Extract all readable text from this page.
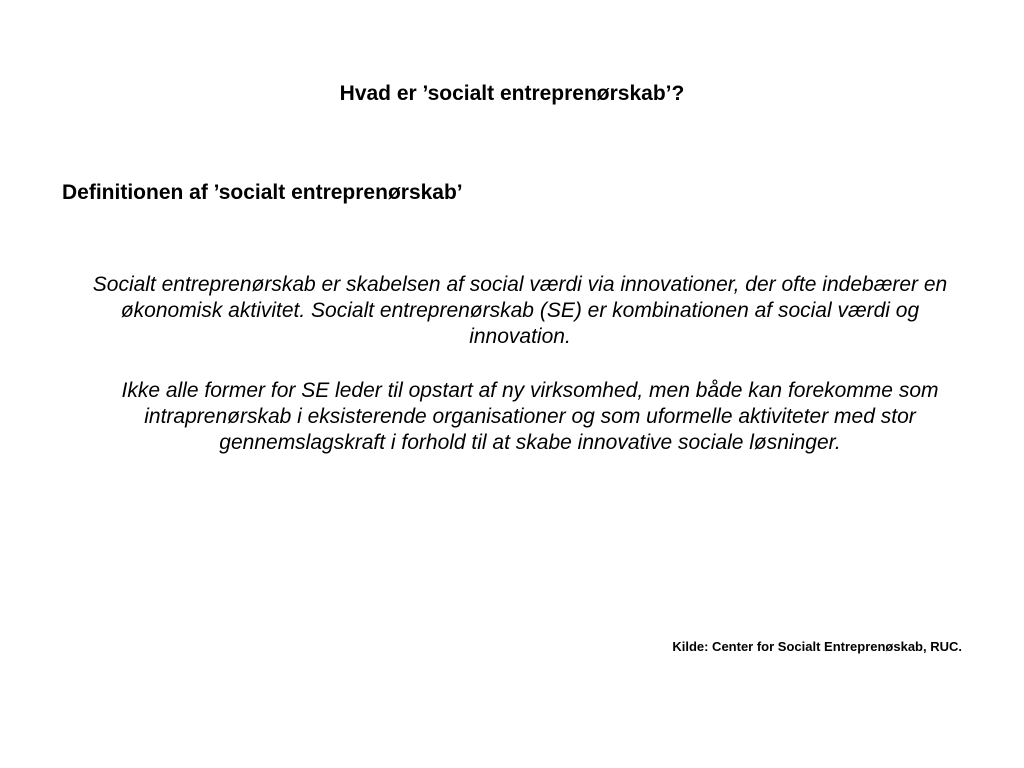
Hvad er ’socialt entreprenørskab’?
Definitionen af ’socialt entreprenørskab’

Socialt entreprenørskab er skabelsen af social værdi via innovationer, der ofte indebærer en økonomisk aktivitet. Socialt entreprenørskab (SE) er kombinationen af social værdi og innovation.

Ikke alle former for SE leder til opstart af ny virksomhed, men både kan forekomme som intraprenørskab i eksisterende organisationer og som uformelle aktiviteter med stor gennemslagskraft i forhold til at skabe innovative sociale løsninger.

Kilde: Center for Socialt Entreprenøskab, RUC.
